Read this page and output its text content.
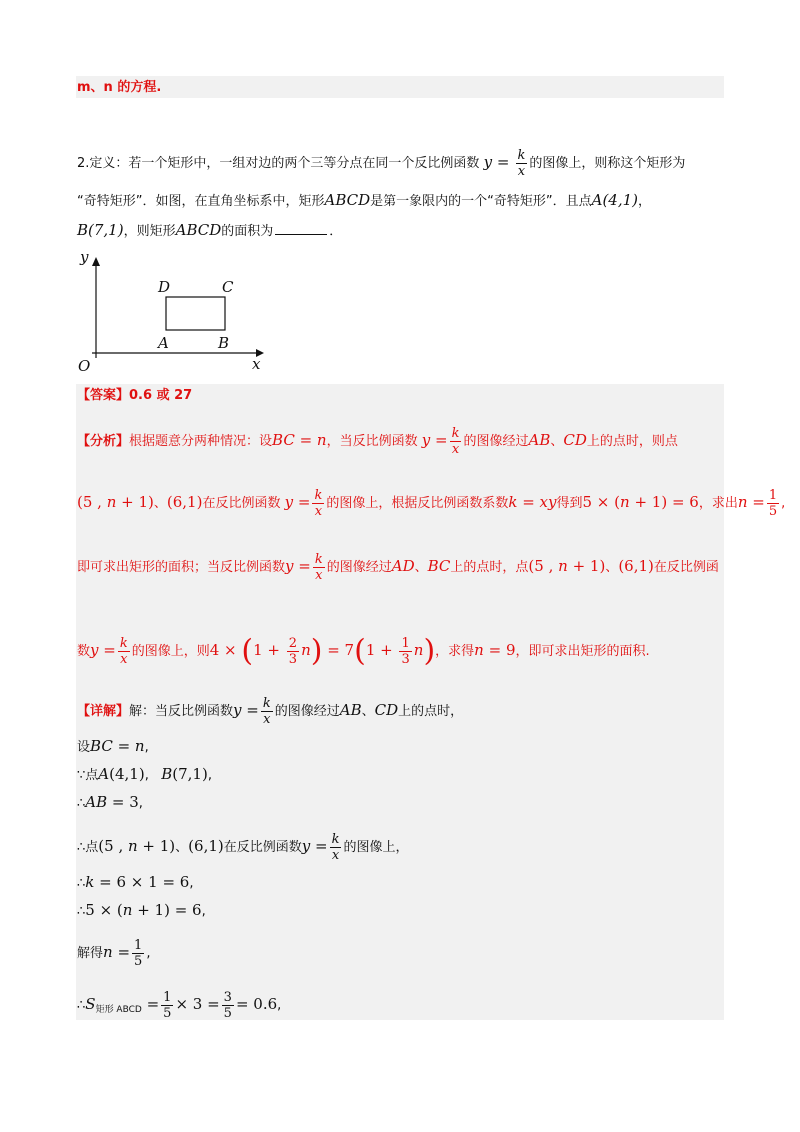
m、n 的方程.
2.定义：若一个矩形中，一组对边的两个三等分点在同一个反比例函数 $y = \frac{k}{x}$ 的图像上，则称这个矩形为
“奇特矩形”．如图，在直角坐标系中，矩形ABCD是第一象限内的一个“奇特矩形”．且点A(4,1)，
B(7,1)，则矩形ABCD的面积为	．
y
x
O
D	C
A	B
【答案】0.6 或 27
【分析】根据题意分两种情况：设BC = n，当反比例函数 $y = \frac{k}{x}$ 的图像经过AB、CD上的点时，则点
(5 , n + 1)、(6,1)在反比例函数 $y = \frac{k}{x}$ 的图像上，根据反比例函数系数k = xy得到5 × (n + 1) = 6，求出$n = \frac{1}{5}$ ,
即可求出矩形的面积；当反比例函数$y = \frac{k}{x}$ 的图像经过AD、BC上的点时，点(5 , n + 1)、(6,1)在反比例函
数$y = \frac{k}{x}$ 的图像上，则$4 \times (1 + \frac{2}{3} n) = 7(1 + \frac{1}{3} n)$，求得n = 9，即可求出矩形的面积.
【详解】解：当反比例函数$y = \frac{k}{x}$ 的图像经过AB、CD上的点时，
设BC = n,
∵点A(4,1),   B(7,1),
∴AB = 3,
∴点(5 , n + 1)、(6,1)在反比例函数$y = \frac{k}{x}$ 的图像上，
∴k = 6 × 1 = 6,
∴5 × (n + 1) = 6,
解得$n = \frac{1}{5}$ ,
$\therefore S_{矩形 ABCD} = \frac{1}{5} \times 3 = \frac{3}{5} = 0.6$,
